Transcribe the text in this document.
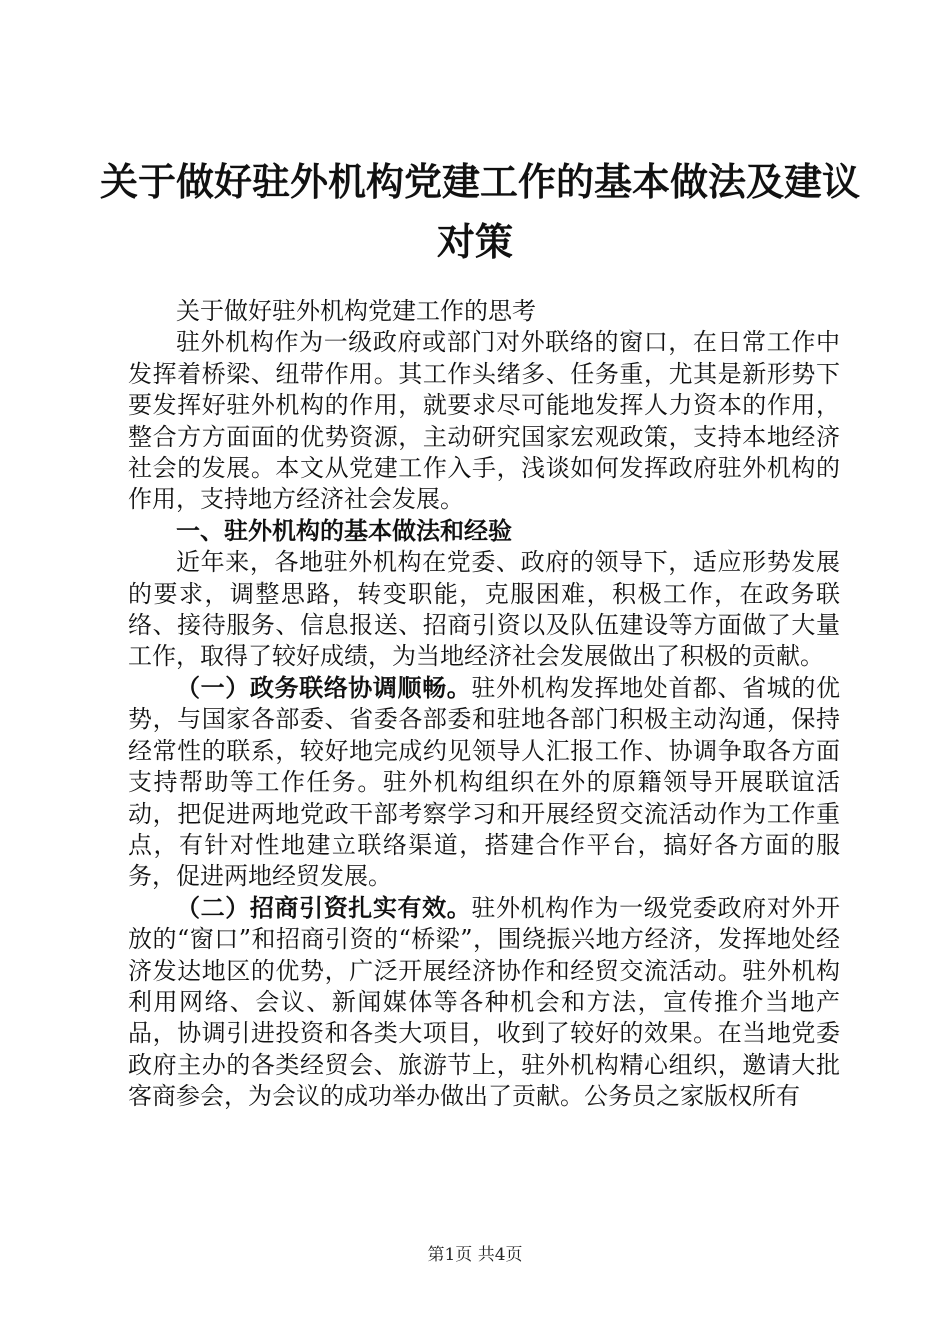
关于做好驻外机构党建工作的基本做法及建议
对策

关于做好驻外机构党建工作的思考

驻外机构作为一级政府或部门对外联络的窗口，在日常工作中发挥着桥梁、纽带作用。其工作头绪多、任务重，尤其是新形势下要发挥好驻外机构的作用，就要求尽可能地发挥人力资本的作用，整合方方面面的优势资源，主动研究国家宏观政策，支持本地经济社会的发展。本文从党建工作入手，浅谈如何发挥政府驻外机构的作用，支持地方经济社会发展。

一、驻外机构的基本做法和经验

近年来，各地驻外机构在党委、政府的领导下，适应形势发展的要求，调整思路，转变职能，克服困难，积极工作，在政务联络、接待服务、信息报送、招商引资以及队伍建设等方面做了大量工作，取得了较好成绩，为当地经济社会发展做出了积极的贡献。

（一）政务联络协调顺畅。驻外机构发挥地处首都、省城的优势，与国家各部委、省委各部委和驻地各部门积极主动沟通，保持经常性的联系，较好地完成约见领导人汇报工作、协调争取各方面支持帮助等工作任务。驻外机构组织在外的原籍领导开展联谊活动，把促进两地党政干部考察学习和开展经贸交流活动作为工作重点，有针对性地建立联络渠道，搭建合作平台，搞好各方面的服务，促进两地经贸发展。

（二）招商引资扎实有效。驻外机构作为一级党委政府对外开放的“窗口”和招商引资的“桥梁”，围绕振兴地方经济，发挥地处经济发达地区的优势，广泛开展经济协作和经贸交流活动。驻外机构利用网络、会议、新闻媒体等各种机会和方法，宣传推介当地产品，协调引进投资和各类大项目，收到了较好的效果。在当地党委政府主办的各类经贸会、旅游节上，驻外机构精心组织，邀请大批客商参会，为会议的成功举办做出了贡献。公务员之家版权所有

第1页 共4页
